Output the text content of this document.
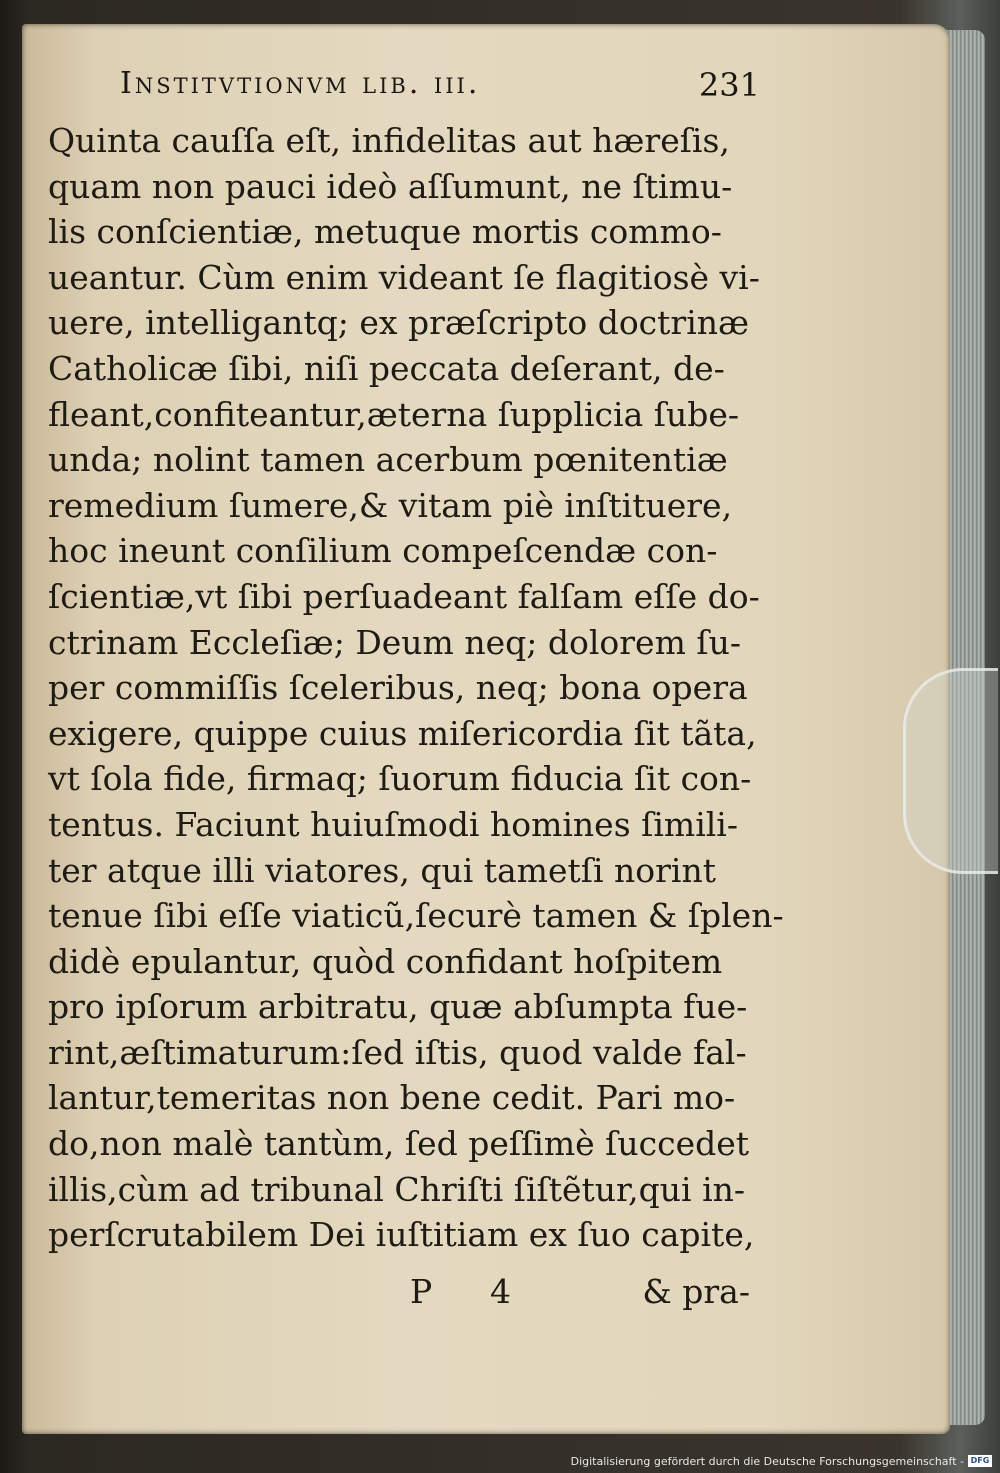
Institvtionvm lib. iii.	231
Quinta cauſſa eſt, infidelitas aut hæreſis,
quam non pauci ideò aſſumunt, ne ſtimu-
lis conſcientiæ, metuque mortis commo-
ueantur. Cùm enim videant ſe flagitiosè vi-
uere, intelligantq; ex præſcripto doctrinæ
Catholicæ ſibi, niſi peccata deſerant, de-
fleant,confiteantur,æterna ſupplicia ſube-
unda; nolint tamen acerbum pœnitentiæ
remedium ſumere,& vitam piè inſtituere,
hoc ineunt conſilium compeſcendæ con-
ſcientiæ,vt ſibi perſuadeant falſam eſſe do-
ctrinam Eccleſiæ; Deum neq; dolorem ſu-
per commiſſis ſceleribus, neq; bona opera
exigere, quippe cuius miſericordia ſit tãta,
vt ſola fide, firmaq; ſuorum fiducia ſit con-
tentus. Faciunt huiuſmodi homines ſimili-
ter atque illi viatores, qui tametſi norint
tenue ſibi eſſe viaticũ,ſecurè tamen & ſplen-
didè epulantur, quòd confidant hoſpitem
pro ipſorum arbitratu, quæ abſumpta fue-
rint,æſtimaturum:ſed iſtis, quod valde fal-
lantur,temeritas non bene cedit. Pari mo-
do,non malè tantùm, ſed peſſimè ſuccedet
illis,cùm ad tribunal Chriſti ſiſtẽtur,qui in-
perſcrutabilem Dei iuſtitiam ex ſuo capite,
P 4	& pra-
Digitalisierung gefördert durch die Deutsche Forschungsgemeinschaft - DFG
